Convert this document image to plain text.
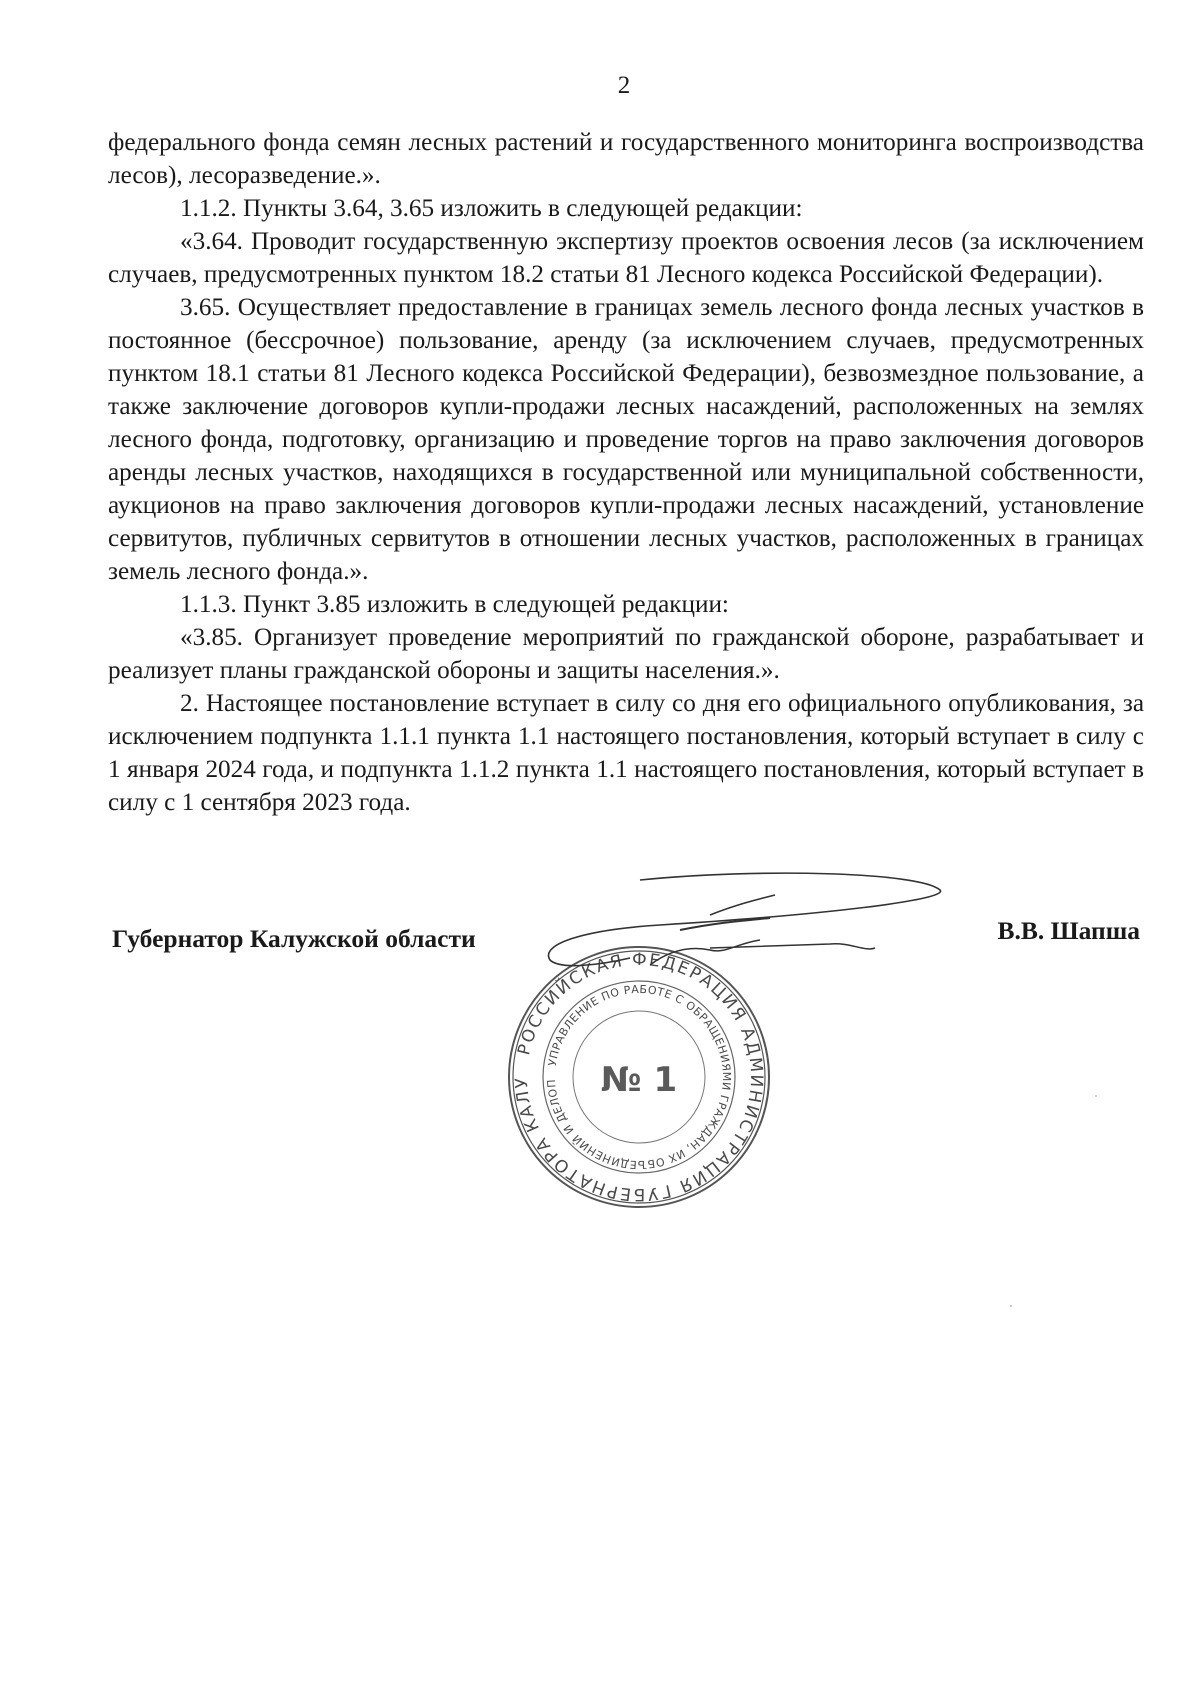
2

федерального фонда семян лесных растений и государственного мониторинга воспроизводства лесов), лесоразведение.».

1.1.2. Пункты 3.64, 3.65 изложить в следующей редакции:

«3.64. Проводит государственную экспертизу проектов освоения лесов (за исключением случаев, предусмотренных пунктом 18.2 статьи 81 Лесного кодекса Российской Федерации).

3.65. Осуществляет предоставление в границах земель лесного фонда лесных участков в постоянное (бессрочное) пользование, аренду (за исключением случаев, предусмотренных пунктом 18.1 статьи 81 Лесного кодекса Российской Федерации), безвозмездное пользование, а также заключение договоров купли-продажи лесных насаждений, расположенных на землях лесного фонда, подготовку, организацию и проведение торгов на право заключения договоров аренды лесных участков, находящихся в государственной или муниципальной собственности, аукционов на право заключения договоров купли-продажи лесных насаждений, установление сервитутов, публичных сервитутов в отношении лесных участков, расположенных в границах земель лесного фонда.».

1.1.3. Пункт 3.85 изложить в следующей редакции:

«3.85. Организует проведение мероприятий по гражданской обороне, разрабатывает и реализует планы гражданской обороны и защиты населения.».

2. Настоящее постановление вступает в силу со дня его официального опубликования, за исключением подпункта 1.1.1 пункта 1.1 настоящего постановления, который вступает в силу с 1 января 2024 года, и подпункта 1.1.2 пункта 1.1 настоящего постановления, который вступает в силу с 1 сентября 2023 года.

Губернатор Калужской области	В.В. Шапша
РОССИЙСКАЯ ФЕДЕРАЦИЯ АДМИНИСТРАЦИЯ ГУБЕРНАТОРА КАЛУ
УПРАВЛЕНИЕ ПО РАБОТЕ С ОБРАЩЕНИЯМИ ГРАЖДАН, ИХ ОБЪЕДИНЕНИЙ И ДЕЛОП	№ 1
